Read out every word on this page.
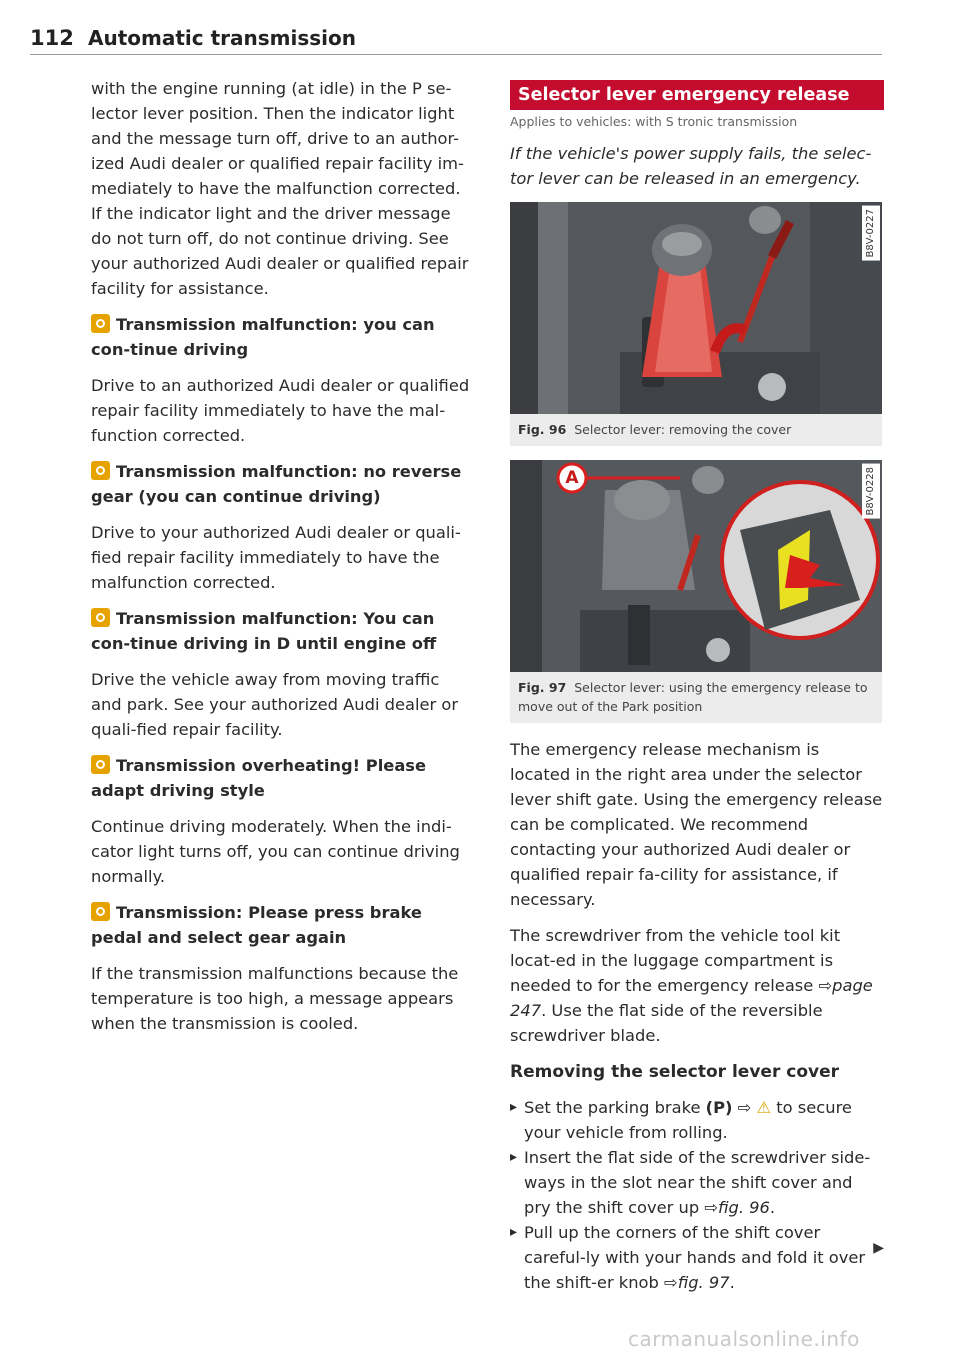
112 Automatic transmission

with the engine running (at idle) in the P se-lector lever position. Then the indicator light and the message turn off, drive to an author-ized Audi dealer or qualified repair facility im-mediately to have the malfunction corrected. If the indicator light and the driver message do not turn off, do not continue driving. See your authorized Audi dealer or qualified repair facility for assistance.

Transmission malfunction: you can con-tinue driving

Drive to an authorized Audi dealer or qualified repair facility immediately to have the mal-function corrected.

Transmission malfunction: no reverse gear (you can continue driving)

Drive to your authorized Audi dealer or quali-fied repair facility immediately to have the malfunction corrected.

Transmission malfunction: You can con-tinue driving in D until engine off

Drive the vehicle away from moving traffic and park. See your authorized Audi dealer or quali-fied repair facility.

Transmission overheating! Please adapt driving style

Continue driving moderately. When the indi-cator light turns off, you can continue driving normally.

Transmission: Please press brake pedal and select gear again

If the transmission malfunctions because the temperature is too high, a message appears when the transmission is cooled.

Selector lever emergency release
Applies to vehicles: with S tronic transmission

If the vehicle's power supply fails, the selec-tor lever can be released in an emergency.

B8V-0227
Fig. 96 Selector lever: removing the cover
A	B8V-0228
Fig. 97 Selector lever: using the emergency release to move out of the Park position

The emergency release mechanism is located in the right area under the selector lever shift gate. Using the emergency release can be complicated. We recommend contacting your authorized Audi dealer or qualified repair fa-cility for assistance, if necessary.

The screwdriver from the vehicle tool kit locat-ed in the luggage compartment is needed to for the emergency release ⇨page 247. Use the flat side of the reversible screwdriver blade.

Removing the selector lever cover
▸ Set the parking brake (P) ⇨ ⚠ to secure your vehicle from rolling.
▸ Insert the flat side of the screwdriver side-ways in the slot near the shift cover and pry the shift cover up ⇨fig. 96.
▸ Pull up the corners of the shift cover careful-ly with your hands and fold it over the shift-er knob ⇨fig. 97.
▶
carmanualsonline.info
